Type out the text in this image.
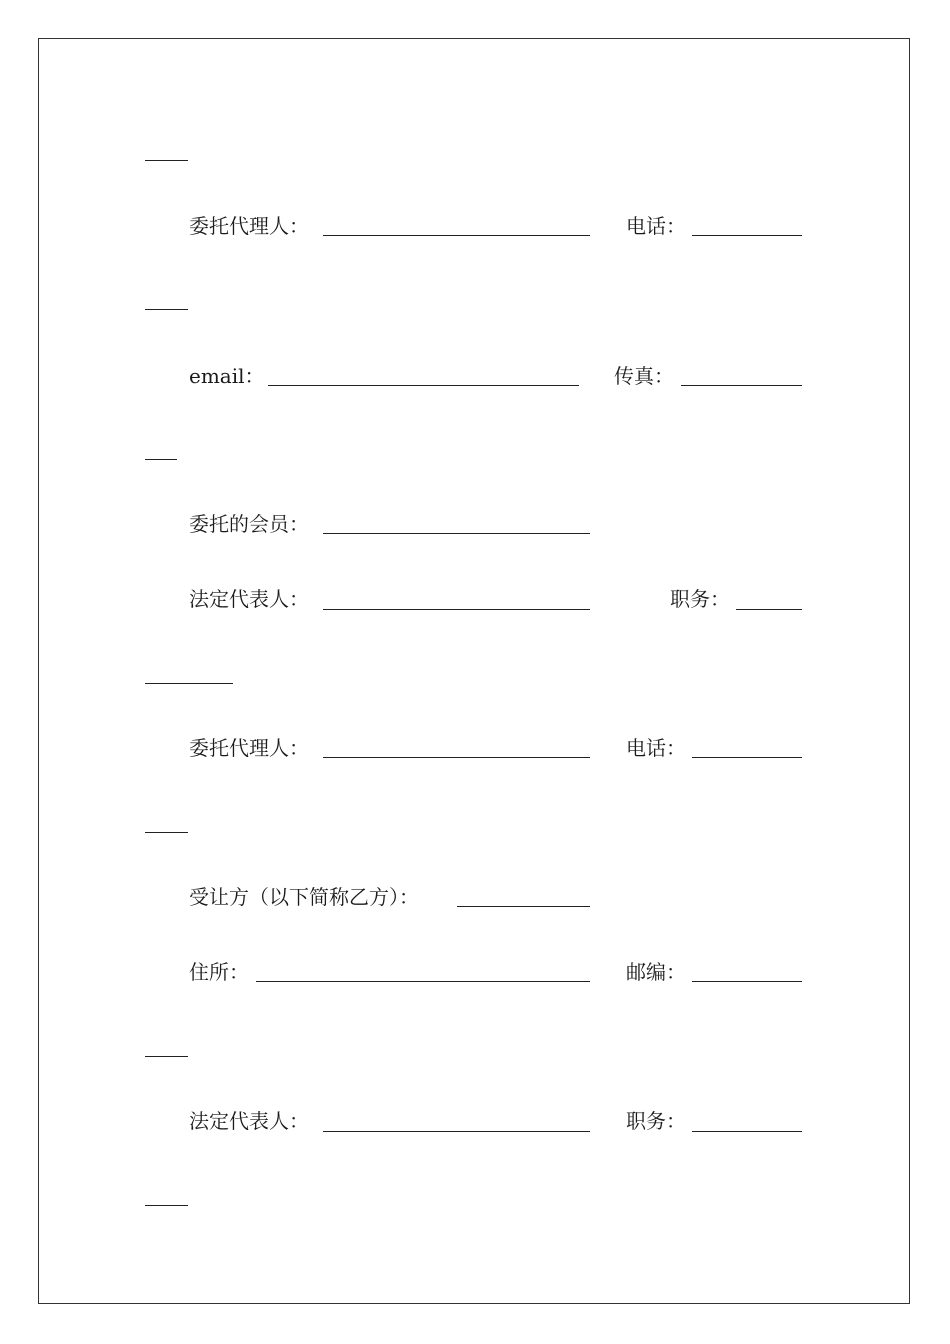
委托代理人：	电话：
email：	传真：
委托的会员：
法定代表人：	职务：
委托代理人：	电话：
受让方（以下简称乙方）：
住所：	邮编：
法定代表人：	职务：
